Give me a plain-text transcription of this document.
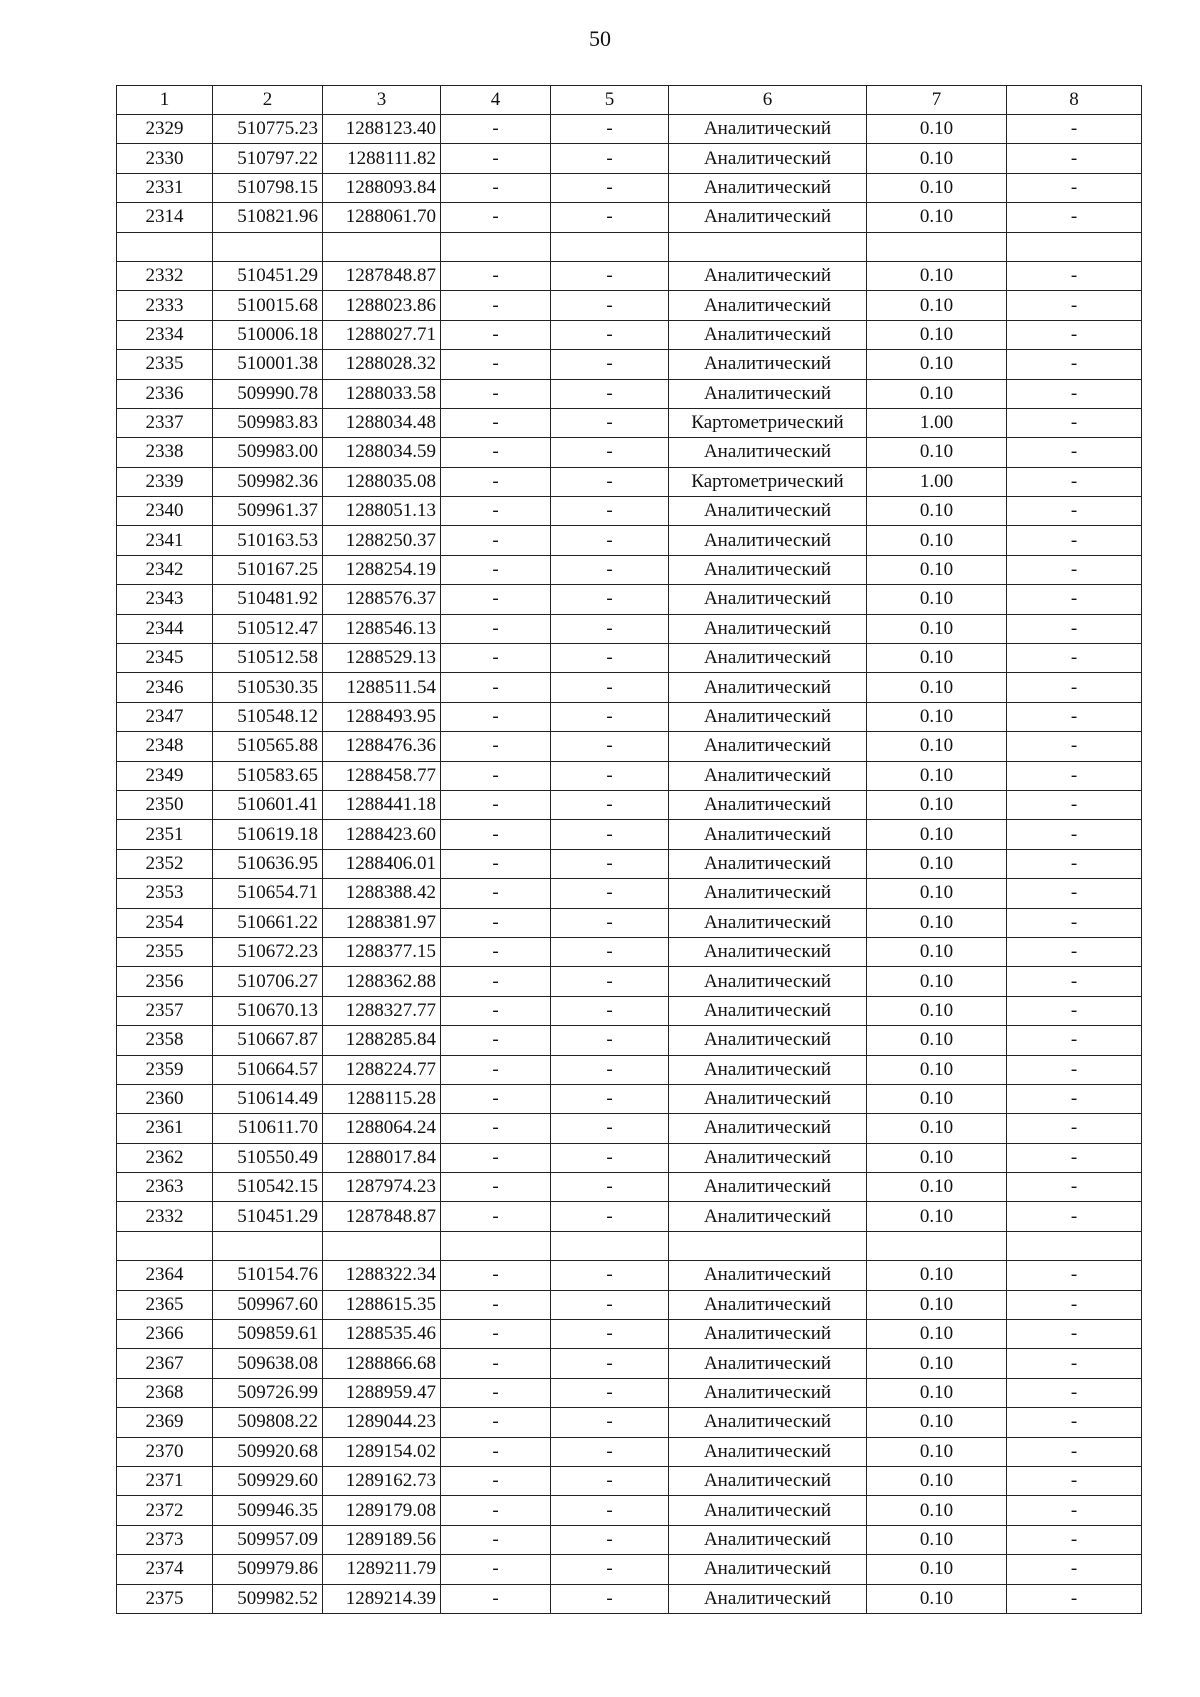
50
1	2	3	4	5	6	7	8
2329	510775.23	1288123.40	-	-	Аналитический	0.10	-
2330	510797.22	1288111.82	-	-	Аналитический	0.10	-
2331	510798.15	1288093.84	-	-	Аналитический	0.10	-
2314	510821.96	1288061.70	-	-	Аналитический	0.10	-

2332	510451.29	1287848.87	-	-	Аналитический	0.10	-
2333	510015.68	1288023.86	-	-	Аналитический	0.10	-
2334	510006.18	1288027.71	-	-	Аналитический	0.10	-
2335	510001.38	1288028.32	-	-	Аналитический	0.10	-
2336	509990.78	1288033.58	-	-	Аналитический	0.10	-
2337	509983.83	1288034.48	-	-	Картометрический	1.00	-
2338	509983.00	1288034.59	-	-	Аналитический	0.10	-
2339	509982.36	1288035.08	-	-	Картометрический	1.00	-
2340	509961.37	1288051.13	-	-	Аналитический	0.10	-
2341	510163.53	1288250.37	-	-	Аналитический	0.10	-
2342	510167.25	1288254.19	-	-	Аналитический	0.10	-
2343	510481.92	1288576.37	-	-	Аналитический	0.10	-
2344	510512.47	1288546.13	-	-	Аналитический	0.10	-
2345	510512.58	1288529.13	-	-	Аналитический	0.10	-
2346	510530.35	1288511.54	-	-	Аналитический	0.10	-
2347	510548.12	1288493.95	-	-	Аналитический	0.10	-
2348	510565.88	1288476.36	-	-	Аналитический	0.10	-
2349	510583.65	1288458.77	-	-	Аналитический	0.10	-
2350	510601.41	1288441.18	-	-	Аналитический	0.10	-
2351	510619.18	1288423.60	-	-	Аналитический	0.10	-
2352	510636.95	1288406.01	-	-	Аналитический	0.10	-
2353	510654.71	1288388.42	-	-	Аналитический	0.10	-
2354	510661.22	1288381.97	-	-	Аналитический	0.10	-
2355	510672.23	1288377.15	-	-	Аналитический	0.10	-
2356	510706.27	1288362.88	-	-	Аналитический	0.10	-
2357	510670.13	1288327.77	-	-	Аналитический	0.10	-
2358	510667.87	1288285.84	-	-	Аналитический	0.10	-
2359	510664.57	1288224.77	-	-	Аналитический	0.10	-
2360	510614.49	1288115.28	-	-	Аналитический	0.10	-
2361	510611.70	1288064.24	-	-	Аналитический	0.10	-
2362	510550.49	1288017.84	-	-	Аналитический	0.10	-
2363	510542.15	1287974.23	-	-	Аналитический	0.10	-
2332	510451.29	1287848.87	-	-	Аналитический	0.10	-

2364	510154.76	1288322.34	-	-	Аналитический	0.10	-
2365	509967.60	1288615.35	-	-	Аналитический	0.10	-
2366	509859.61	1288535.46	-	-	Аналитический	0.10	-
2367	509638.08	1288866.68	-	-	Аналитический	0.10	-
2368	509726.99	1288959.47	-	-	Аналитический	0.10	-
2369	509808.22	1289044.23	-	-	Аналитический	0.10	-
2370	509920.68	1289154.02	-	-	Аналитический	0.10	-
2371	509929.60	1289162.73	-	-	Аналитический	0.10	-
2372	509946.35	1289179.08	-	-	Аналитический	0.10	-
2373	509957.09	1289189.56	-	-	Аналитический	0.10	-
2374	509979.86	1289211.79	-	-	Аналитический	0.10	-
2375	509982.52	1289214.39	-	-	Аналитический	0.10	-
